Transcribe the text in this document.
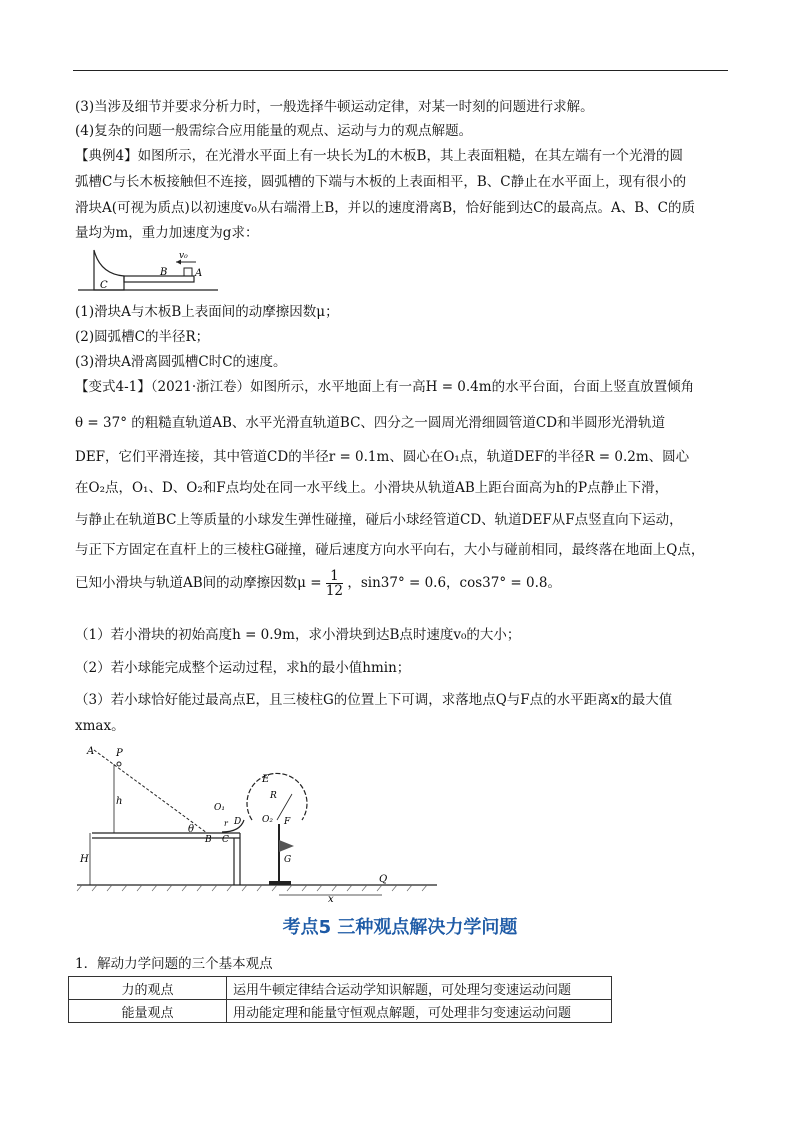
(3)当涉及细节并要求分析力时，一般选择牛顿运动定律，对某一时刻的问题进行求解。
(4)复杂的问题一般需综合应用能量的观点、运动与力的观点解题。
【典例4】如图所示，在光滑水平面上有一块长为L的木板B，其上表面粗糙，在其左端有一个光滑的圆
弧槽C与长木板接触但不连接，圆弧槽的下端与木板的上表面相平，B、C静止在水平面上，现有很小的
滑块A(可视为质点)以初速度v₀从右端滑上B，并以的速度滑离B，恰好能到达C的最高点。A、B、C的质
量均为m，重力加速度为g求：
v₀
A
B
C
(1)滑块A与木板B上表面间的动摩擦因数μ；
(2)圆弧槽C的半径R；
(3)滑块A滑离圆弧槽C时C的速度。
【变式4-1】（2021·浙江卷）如图所示，水平地面上有一高H = 0.4m的水平台面，台面上竖直放置倾角
θ = 37° 的粗糙直轨道AB、水平光滑直轨道BC、四分之一圆周光滑细圆管道CD和半圆形光滑轨道
DEF，它们平滑连接，其中管道CD的半径r = 0.1m、圆心在O₁点，轨道DEF的半径R = 0.2m、圆心
在O₂点，O₁、D、O₂和F点均处在同一水平线上。小滑块从轨道AB上距台面高为h的P点静止下滑，
与静止在轨道BC上等质量的小球发生弹性碰撞，碰后小球经管道CD、轨道DEF从F点竖直向下运动，
与正下方固定在直杆上的三棱柱G碰撞，碰后速度方向水平向右，大小与碰前相同，最终落在地面上Q点，
已知小滑块与轨道AB间的动摩擦因数$\mu = \frac{1}{12}$ ，sin37° = 0.6，cos37° = 0.8。
（1）若小滑块的初始高度h = 0.9m，求小滑块到达B点时速度v₀的大小；
（2）若小球能完成整个运动过程，求h的最小值hmin；
（3）若小球恰好能过最高点E，且三棱柱G的位置上下可调，求落地点Q与F点的水平距离x的最大值
xmax。
A P
h
H
θ
B C
D
O₁
r	O₂
E
R
F
G
Q
x
考点5 三种观点解决力学问题
1．解动力学问题的三个基本观点
力的观点	运用牛顿定律结合运动学知识解题，可处理匀变速运动问题
能量观点	用动能定理和能量守恒观点解题，可处理非匀变速运动问题
